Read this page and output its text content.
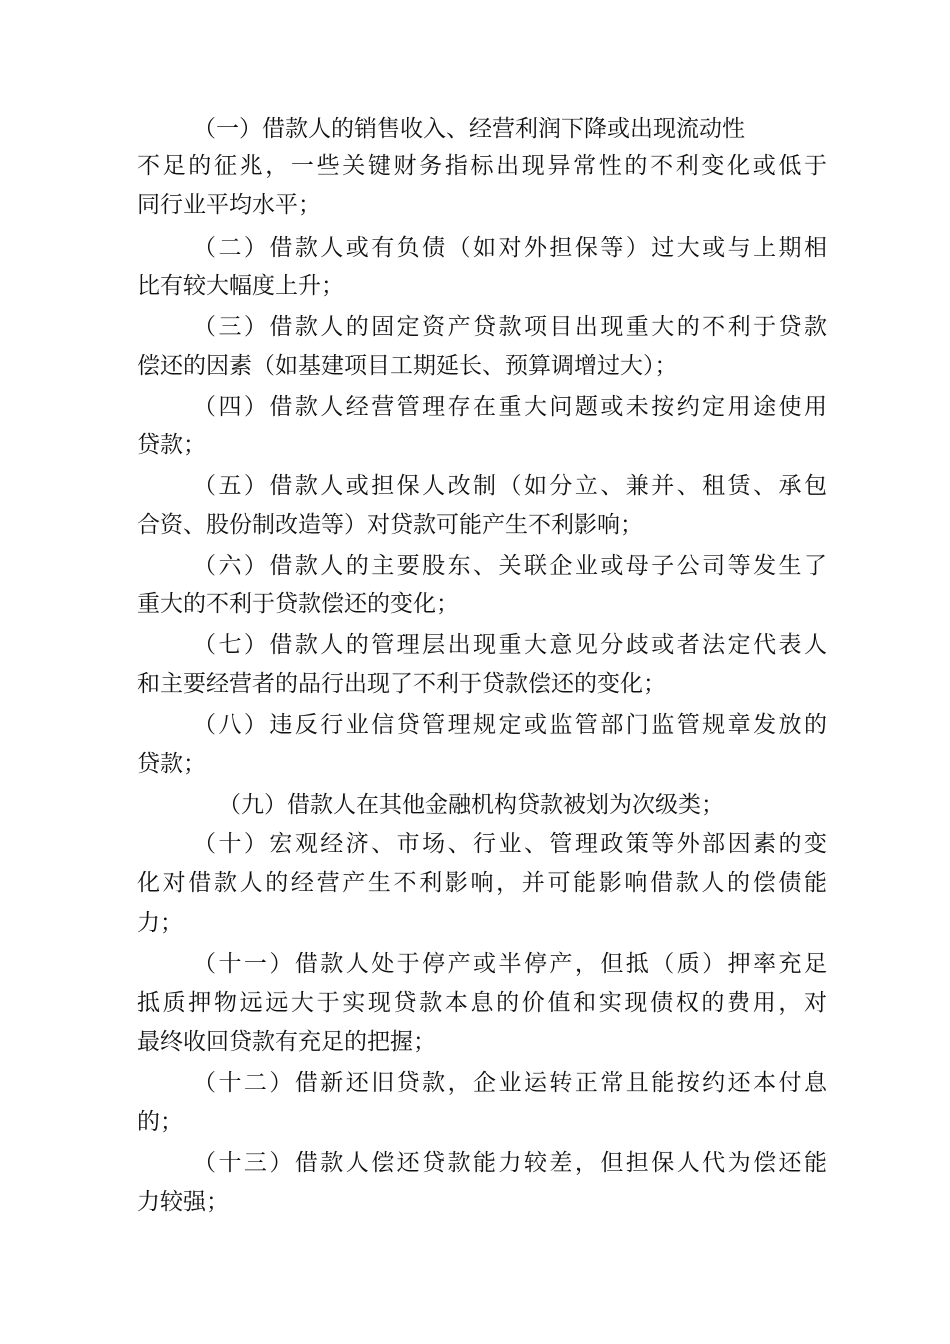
（一）借款人的销售收入、经营利润下降或出现流动性
不足的征兆，一些关键财务指标出现异常性的不利变化或低于
同行业平均水平；
（二）借款人或有负债（如对外担保等）过大或与上期相
比有较大幅度上升；
（三）借款人的固定资产贷款项目出现重大的不利于贷款
偿还的因素（如基建项目工期延长、预算调增过大）；
（四）借款人经营管理存在重大问题或未按约定用途使用
贷款；
（五）借款人或担保人改制（如分立、兼并、租赁、承包
合资、股份制改造等）对贷款可能产生不利影响；
（六）借款人的主要股东、关联企业或母子公司等发生了
重大的不利于贷款偿还的变化；
（七）借款人的管理层出现重大意见分歧或者法定代表人
和主要经营者的品行出现了不利于贷款偿还的变化；
（八）违反行业信贷管理规定或监管部门监管规章发放的
贷款；
（九）借款人在其他金融机构贷款被划为次级类；
（十）宏观经济、市场、行业、管理政策等外部因素的变
化对借款人的经营产生不利影响，并可能影响借款人的偿债能
力；
（十一）借款人处于停产或半停产，但抵（质）押率充足
抵质押物远远大于实现贷款本息的价值和实现债权的费用，对
最终收回贷款有充足的把握；
（十二）借新还旧贷款，企业运转正常且能按约还本付息
的；
（十三）借款人偿还贷款能力较差，但担保人代为偿还能
力较强；
